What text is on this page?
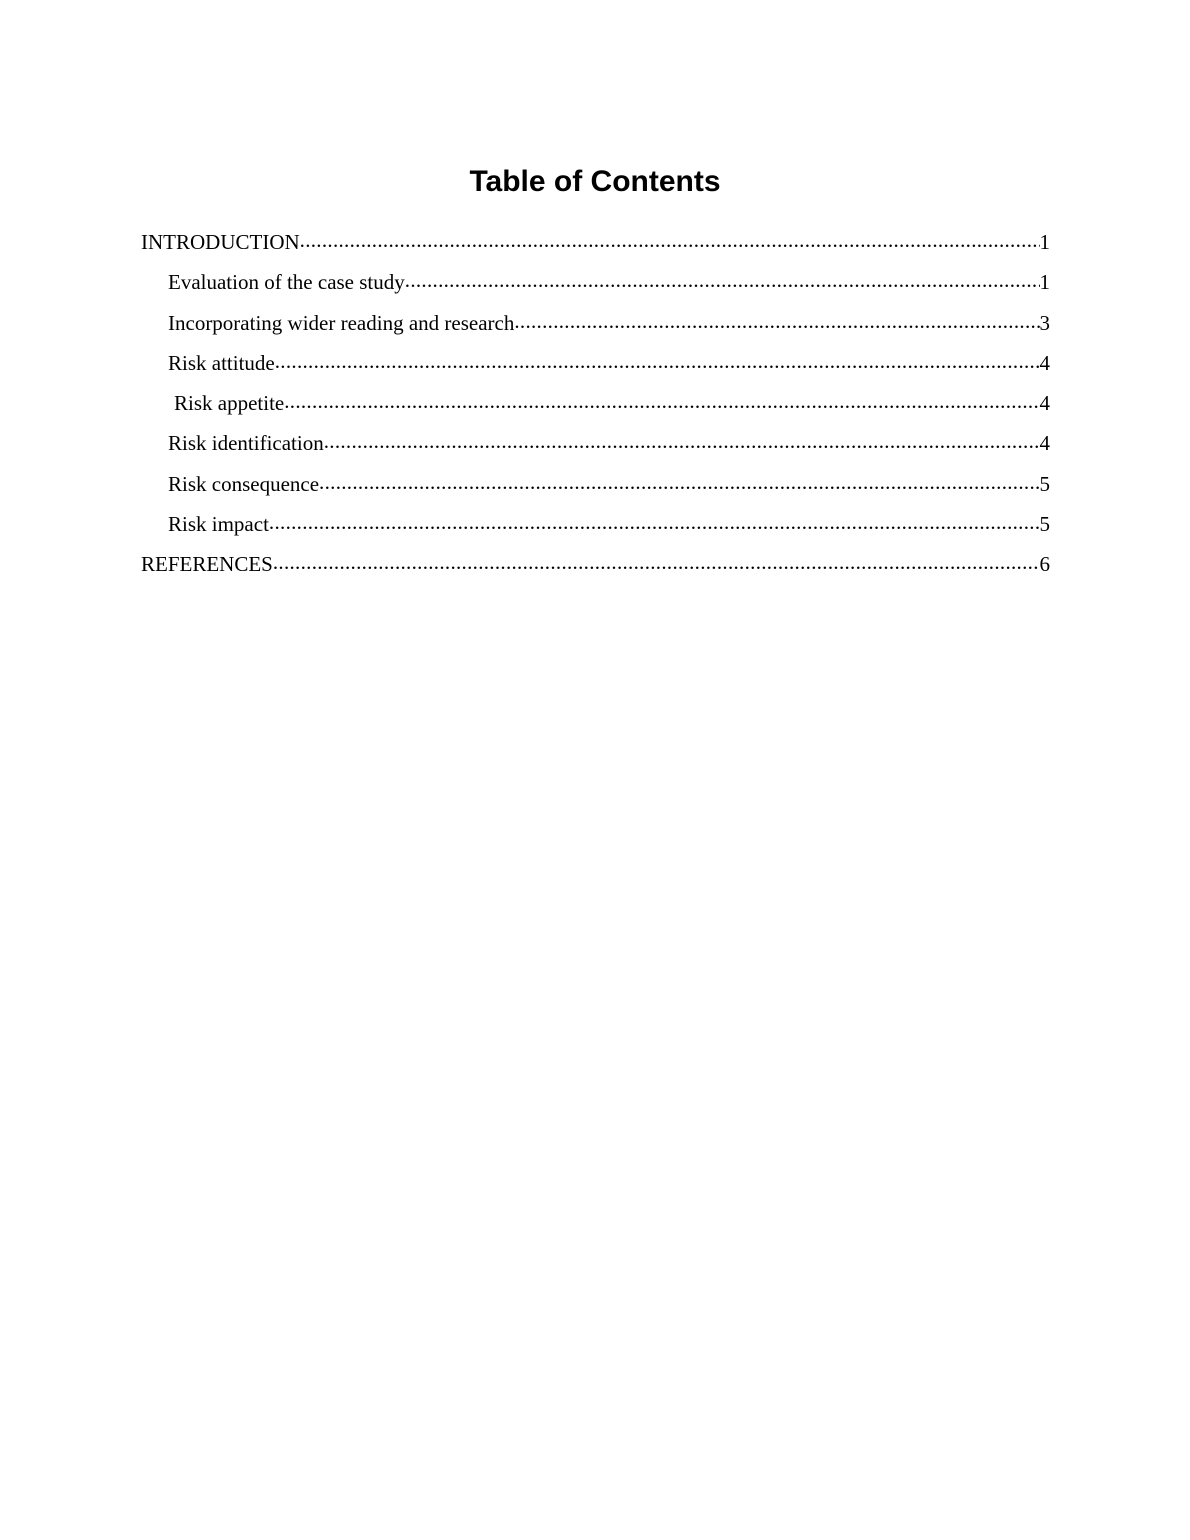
Table of Contents
INTRODUCTION .....	1
Evaluation of the case study .....	1
Incorporating wider reading and research .....	3
Risk attitude .....	4
Risk appetite .....	4
Risk identification .....	4
Risk consequence .....	5
Risk impact .....	5
REFERENCES .....	6
